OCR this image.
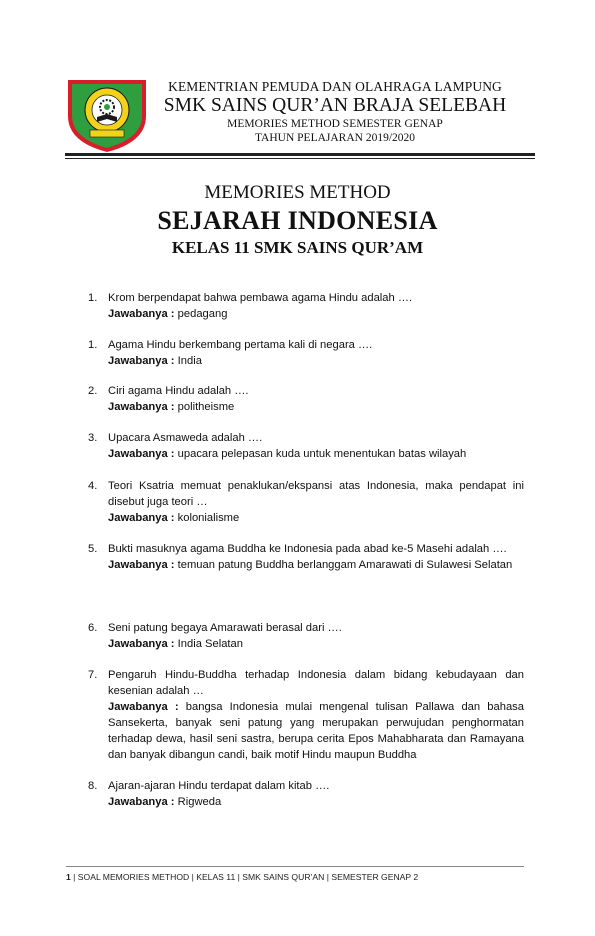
KEMENTRIAN PEMUDA DAN OLAHRAGA LAMPUNG
SMK SAINS QUR’AN BRAJA SELEBAH
MEMORIES METHOD SEMESTER GENAP
TAHUN PELAJARAN 2019/2020
MEMORIES METHOD
SEJARAH INDONESIA
KELAS 11 SMK SAINS QUR’AM
1. Krom berpendapat bahwa pembawa agama Hindu adalah ….
Jawabanya : pedagang
1. Agama Hindu berkembang pertama kali di negara ….
Jawabanya : India
2. Ciri agama Hindu adalah ….
Jawabanya : politheisme
3. Upacara Asmaweda adalah ….
Jawabanya : upacara pelepasan kuda untuk menentukan batas wilayah
4. Teori Ksatria memuat penaklukan/ekspansi atas Indonesia, maka pendapat ini disebut juga teori …
Jawabanya : kolonialisme
5. Bukti masuknya agama Buddha ke Indonesia pada abad ke-5 Masehi adalah ….
Jawabanya : temuan patung Buddha berlanggam Amarawati di Sulawesi Selatan
6. Seni patung begaya Amarawati berasal dari ….
Jawabanya : India Selatan
7. Pengaruh Hindu-Buddha terhadap Indonesia dalam bidang kebudayaan dan kesenian adalah …
Jawabanya : bangsa Indonesia mulai mengenal tulisan Pallawa dan bahasa Sansekerta, banyak seni patung yang merupakan perwujudan penghormatan terhadap dewa, hasil seni sastra, berupa cerita Epos Mahabharata dan Ramayana dan banyak dibangun candi, baik motif Hindu maupun Buddha
8. Ajaran-ajaran Hindu terdapat dalam kitab ….
Jawabanya : Rigweda
1 | SOAL MEMORIES METHOD | KELAS 11 | SMK SAINS QUR’AN | SEMESTER GENAP 2
